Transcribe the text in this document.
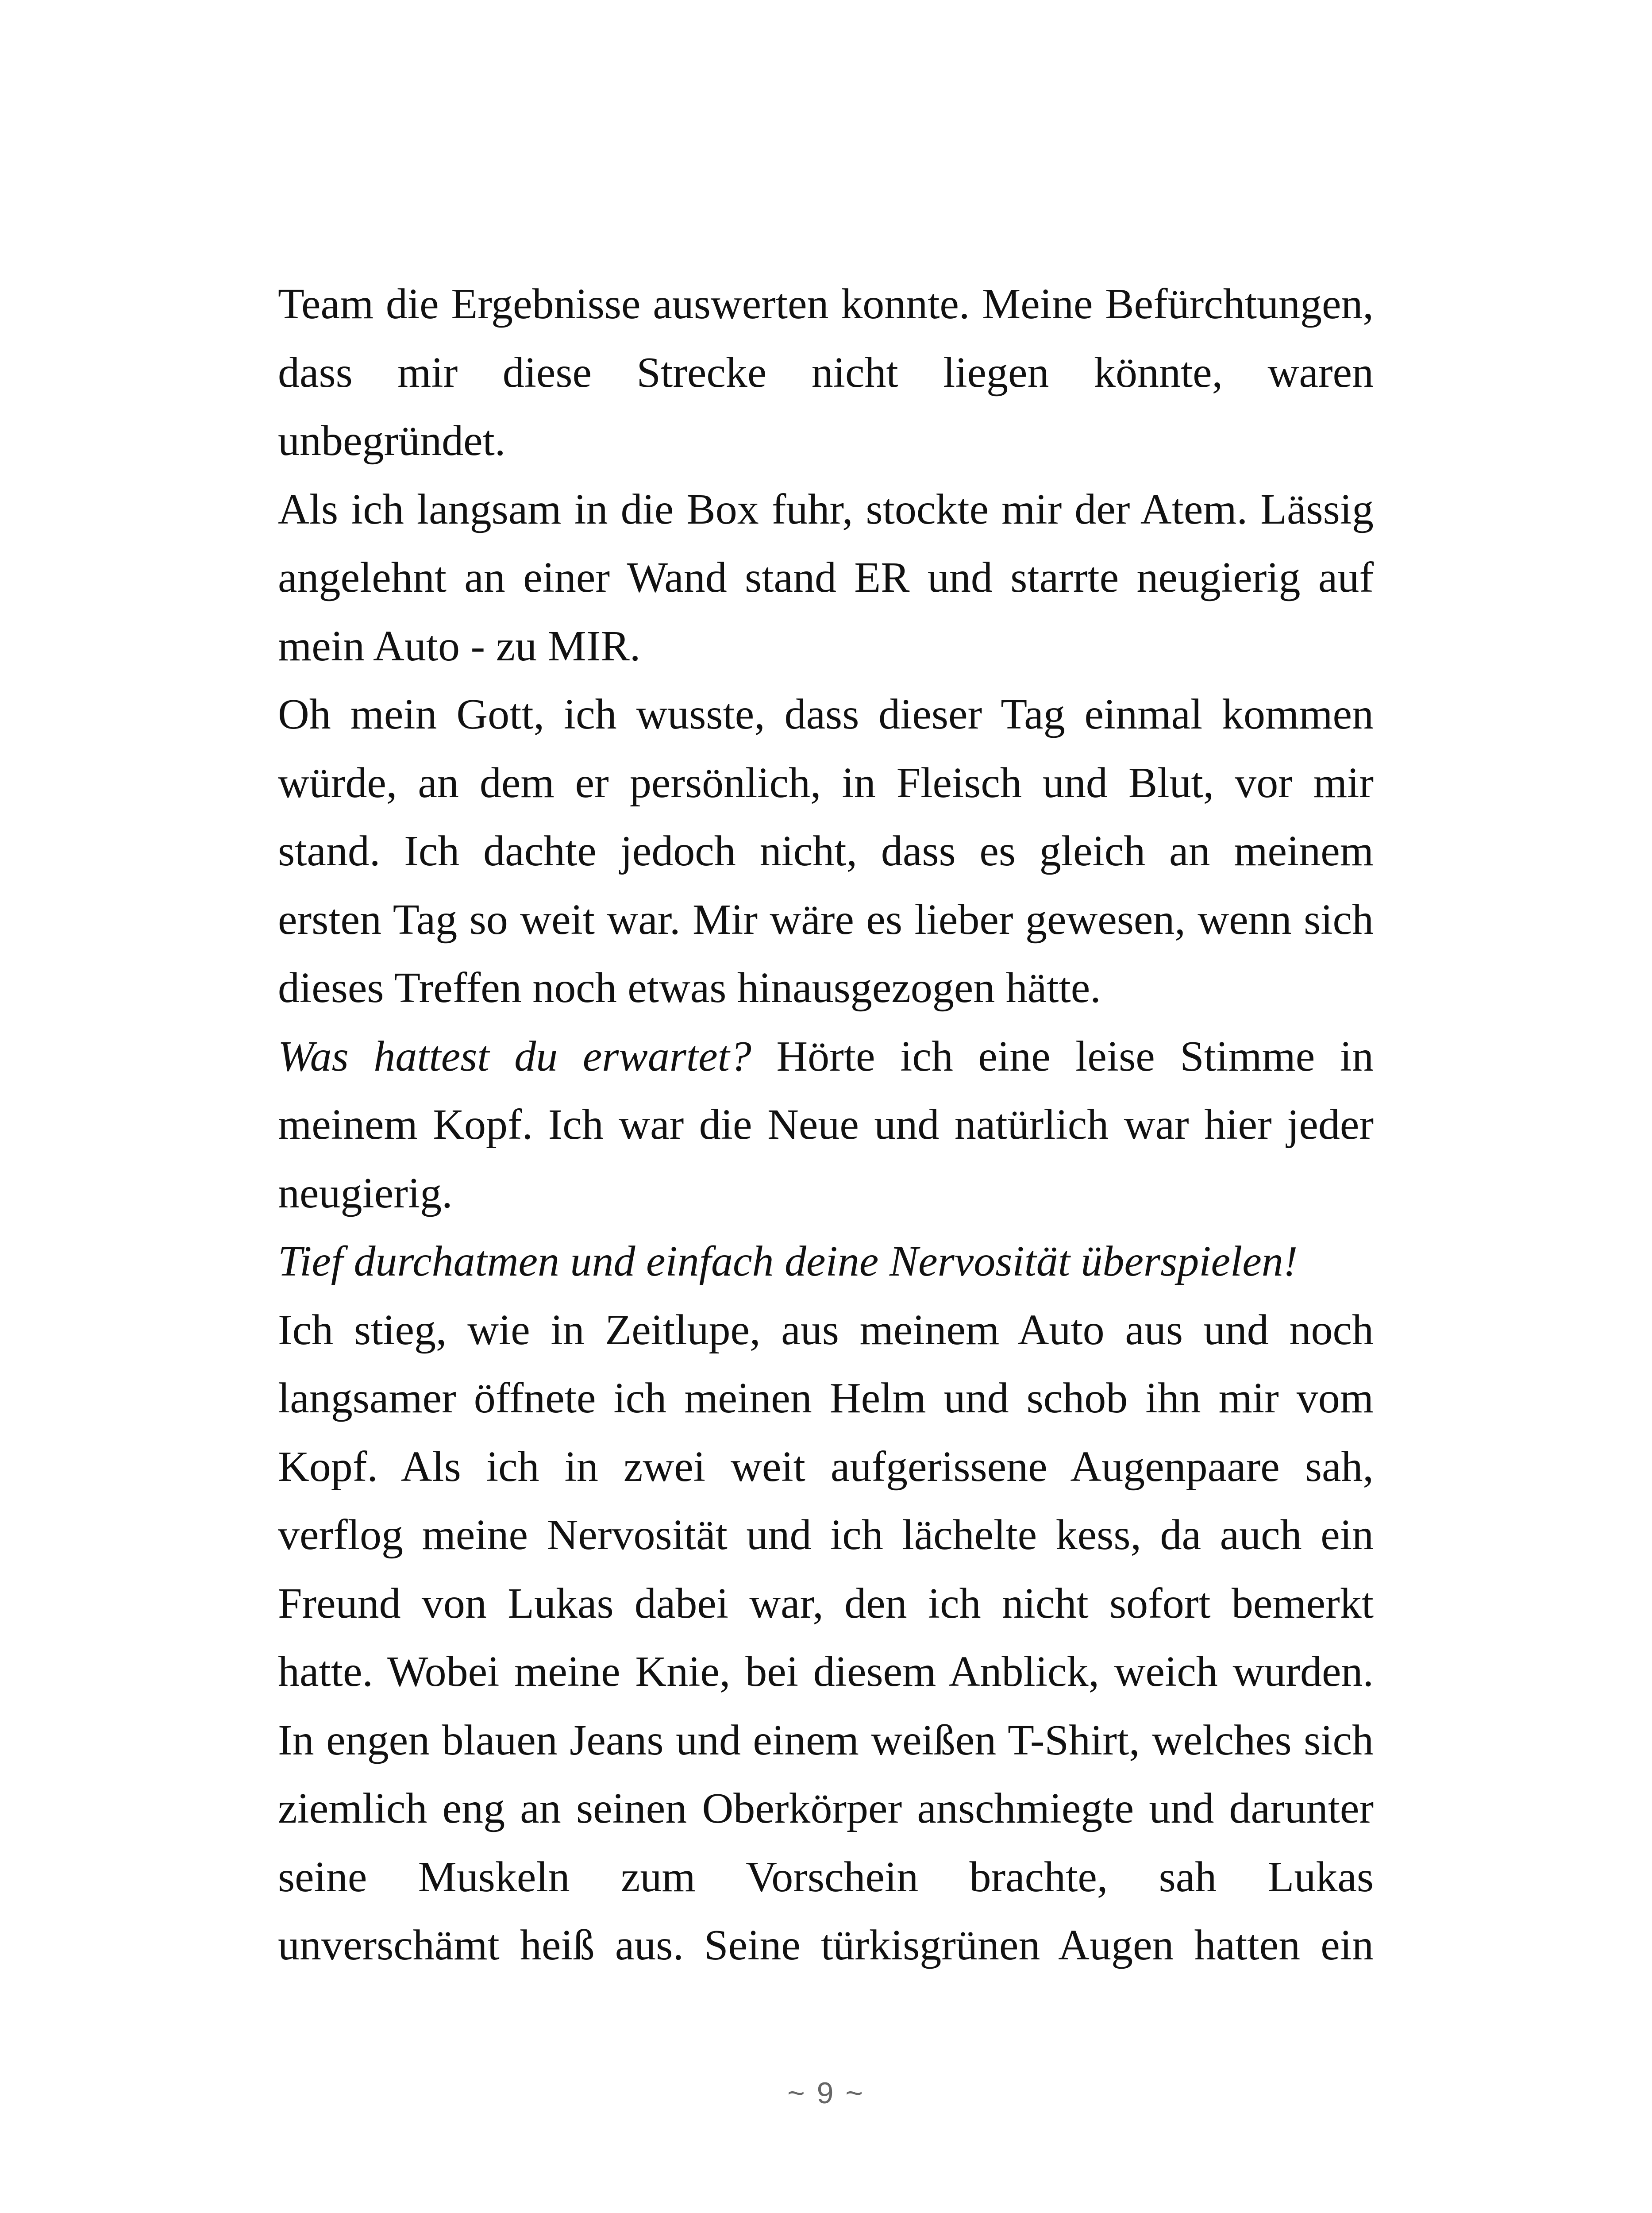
Team die Ergebnisse auswerten konnte. Meine Befürchtungen,
dass mir diese Strecke nicht liegen könnte, waren unbegründet.
Als ich langsam in die Box fuhr, stockte mir der Atem. Lässig
angelehnt an einer Wand stand ER und starrte neugierig auf
mein Auto - zu MIR.
Oh mein Gott, ich wusste, dass dieser Tag einmal kommen
würde, an dem er persönlich, in Fleisch und Blut, vor mir
stand. Ich dachte jedoch nicht, dass es gleich an meinem
ersten Tag so weit war. Mir wäre es lieber gewesen, wenn sich
dieses Treffen noch etwas hinausgezogen hätte.
Was hattest du erwartet? Hörte ich eine leise Stimme in
meinem Kopf. Ich war die Neue und natürlich war hier jeder
neugierig.
Tief durchatmen und einfach deine Nervosität überspielen!
Ich stieg, wie in Zeitlupe, aus meinem Auto aus und noch
langsamer öffnete ich meinen Helm und schob ihn mir vom
Kopf. Als ich in zwei weit aufgerissene Augenpaare sah,
verflog meine Nervosität und ich lächelte kess, da auch ein
Freund von Lukas dabei war, den ich nicht sofort bemerkt
hatte. Wobei meine Knie, bei diesem Anblick, weich wurden.
In engen blauen Jeans und einem weißen T-Shirt, welches sich
ziemlich eng an seinen Oberkörper anschmiegte und darunter
seine Muskeln zum Vorschein brachte, sah Lukas
unverschämt heiß aus. Seine türkisgrünen Augen hatten ein
~ 9 ~
